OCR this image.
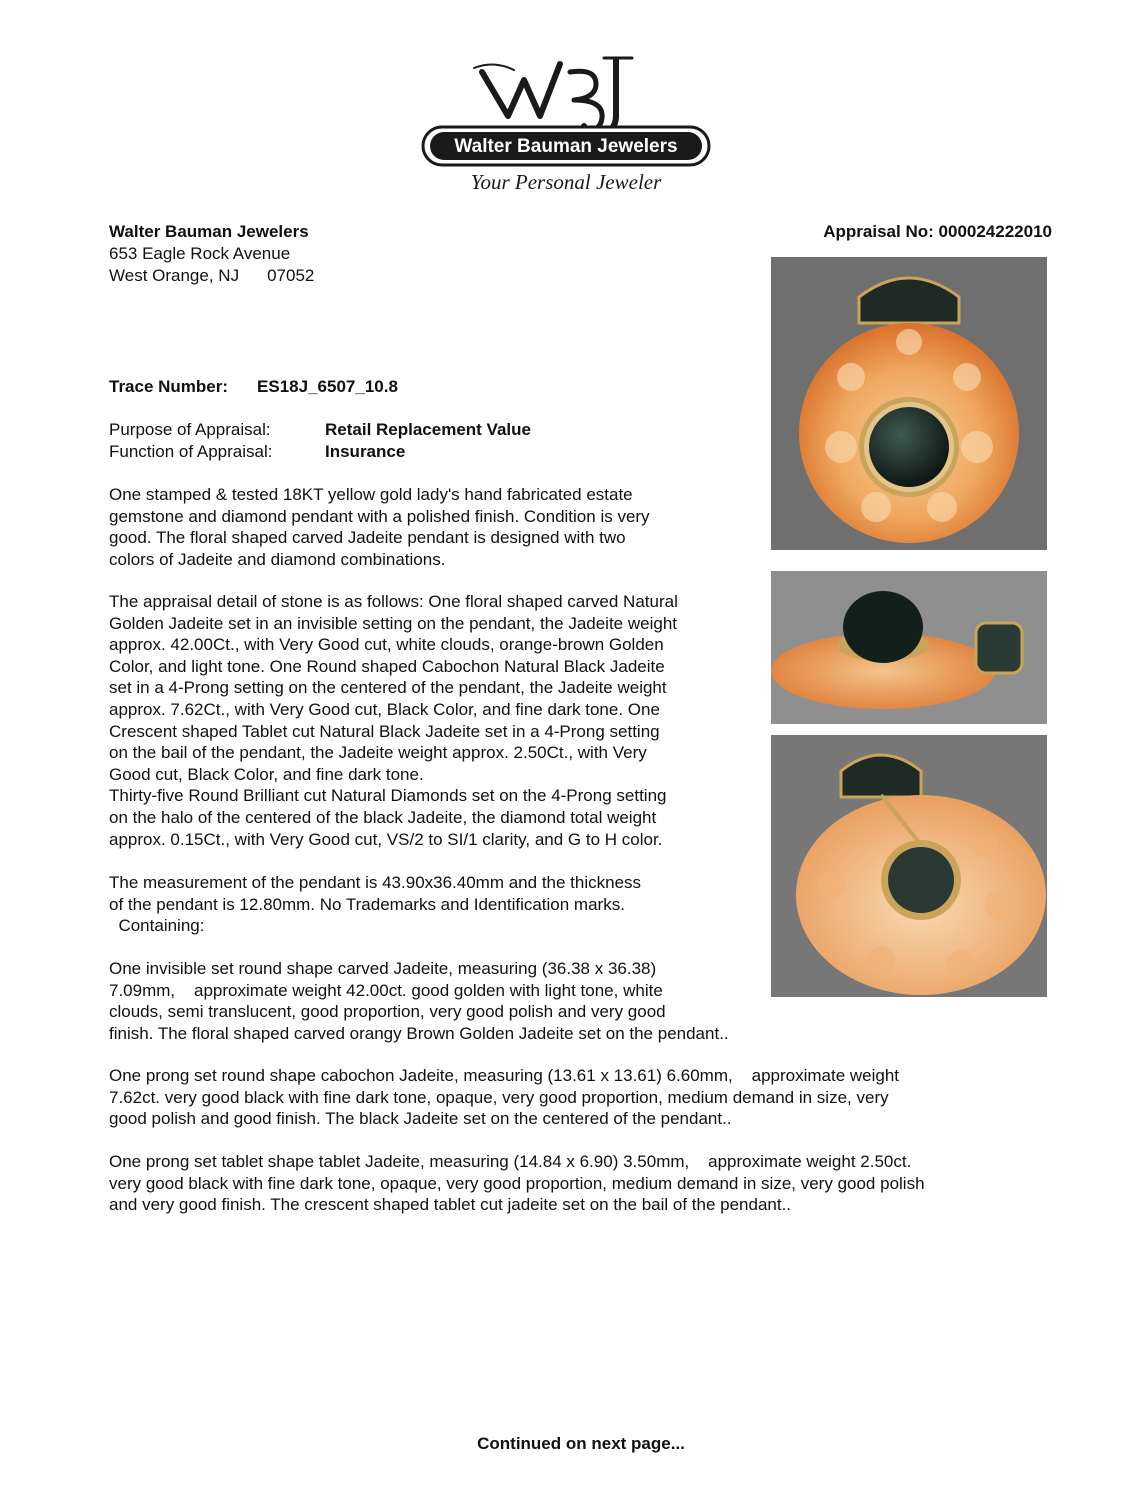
Walter Bauman Jewelers
Your Personal Jeweler

Walter Bauman Jewelers

653 Eagle Rock Avenue

West Orange, NJ 07052

Appraisal No: 000024222010

Trace Number: ES18J_6507_10.8

Purpose of Appraisal:	Retail Replacement Value

Function of Appraisal:	Insurance

One stamped & tested 18KT yellow gold lady's hand fabricated estate
gemstone and diamond pendant with a polished finish. Condition is very
good. The floral shaped carved Jadeite pendant is designed with two
colors of Jadeite and diamond combinations.

The appraisal detail of stone is as follows: One floral shaped carved Natural
Golden Jadeite set in an invisible setting on the pendant, the Jadeite weight
approx. 42.00Ct., with Very Good cut, white clouds, orange-brown Golden
Color, and light tone. One Round shaped Cabochon Natural Black Jadeite
set in a 4-Prong setting on the centered of the pendant, the Jadeite weight
approx. 7.62Ct., with Very Good cut, Black Color, and fine dark tone. One
Crescent shaped Tablet cut Natural Black Jadeite set in a 4-Prong setting
on the bail of the pendant, the Jadeite weight approx. 2.50Ct., with Very
Good cut, Black Color, and fine dark tone.
Thirty-five Round Brilliant cut Natural Diamonds set on the 4-Prong setting
on the halo of the centered of the black Jadeite, the diamond total weight
approx. 0.15Ct., with Very Good cut, VS/2 to SI/1 clarity, and G to H color.

The measurement of the pendant is 43.90x36.40mm and the thickness
of the pendant is 12.80mm. No Trademarks and Identification marks.
Containing:

One invisible set round shape carved Jadeite, measuring (36.38 x 36.38)
7.09mm,    approximate weight 42.00ct. good golden with light tone, white
clouds, semi translucent, good proportion, very good polish and very good
finish. The floral shaped carved orangy Brown Golden Jadeite set on the pendant..

One prong set round shape cabochon Jadeite, measuring (13.61 x 13.61) 6.60mm,    approximate weight
7.62ct. very good black with fine dark tone, opaque, very good proportion, medium demand in size, very
good polish and good finish. The black Jadeite set on the centered of the pendant..

One prong set tablet shape tablet Jadeite, measuring (14.84 x 6.90) 3.50mm,    approximate weight 2.50ct.
very good black with fine dark tone, opaque, very good proportion, medium demand in size, very good polish
and very good finish. The crescent shaped tablet cut jadeite set on the bail of the pendant..

Continued on next page...
